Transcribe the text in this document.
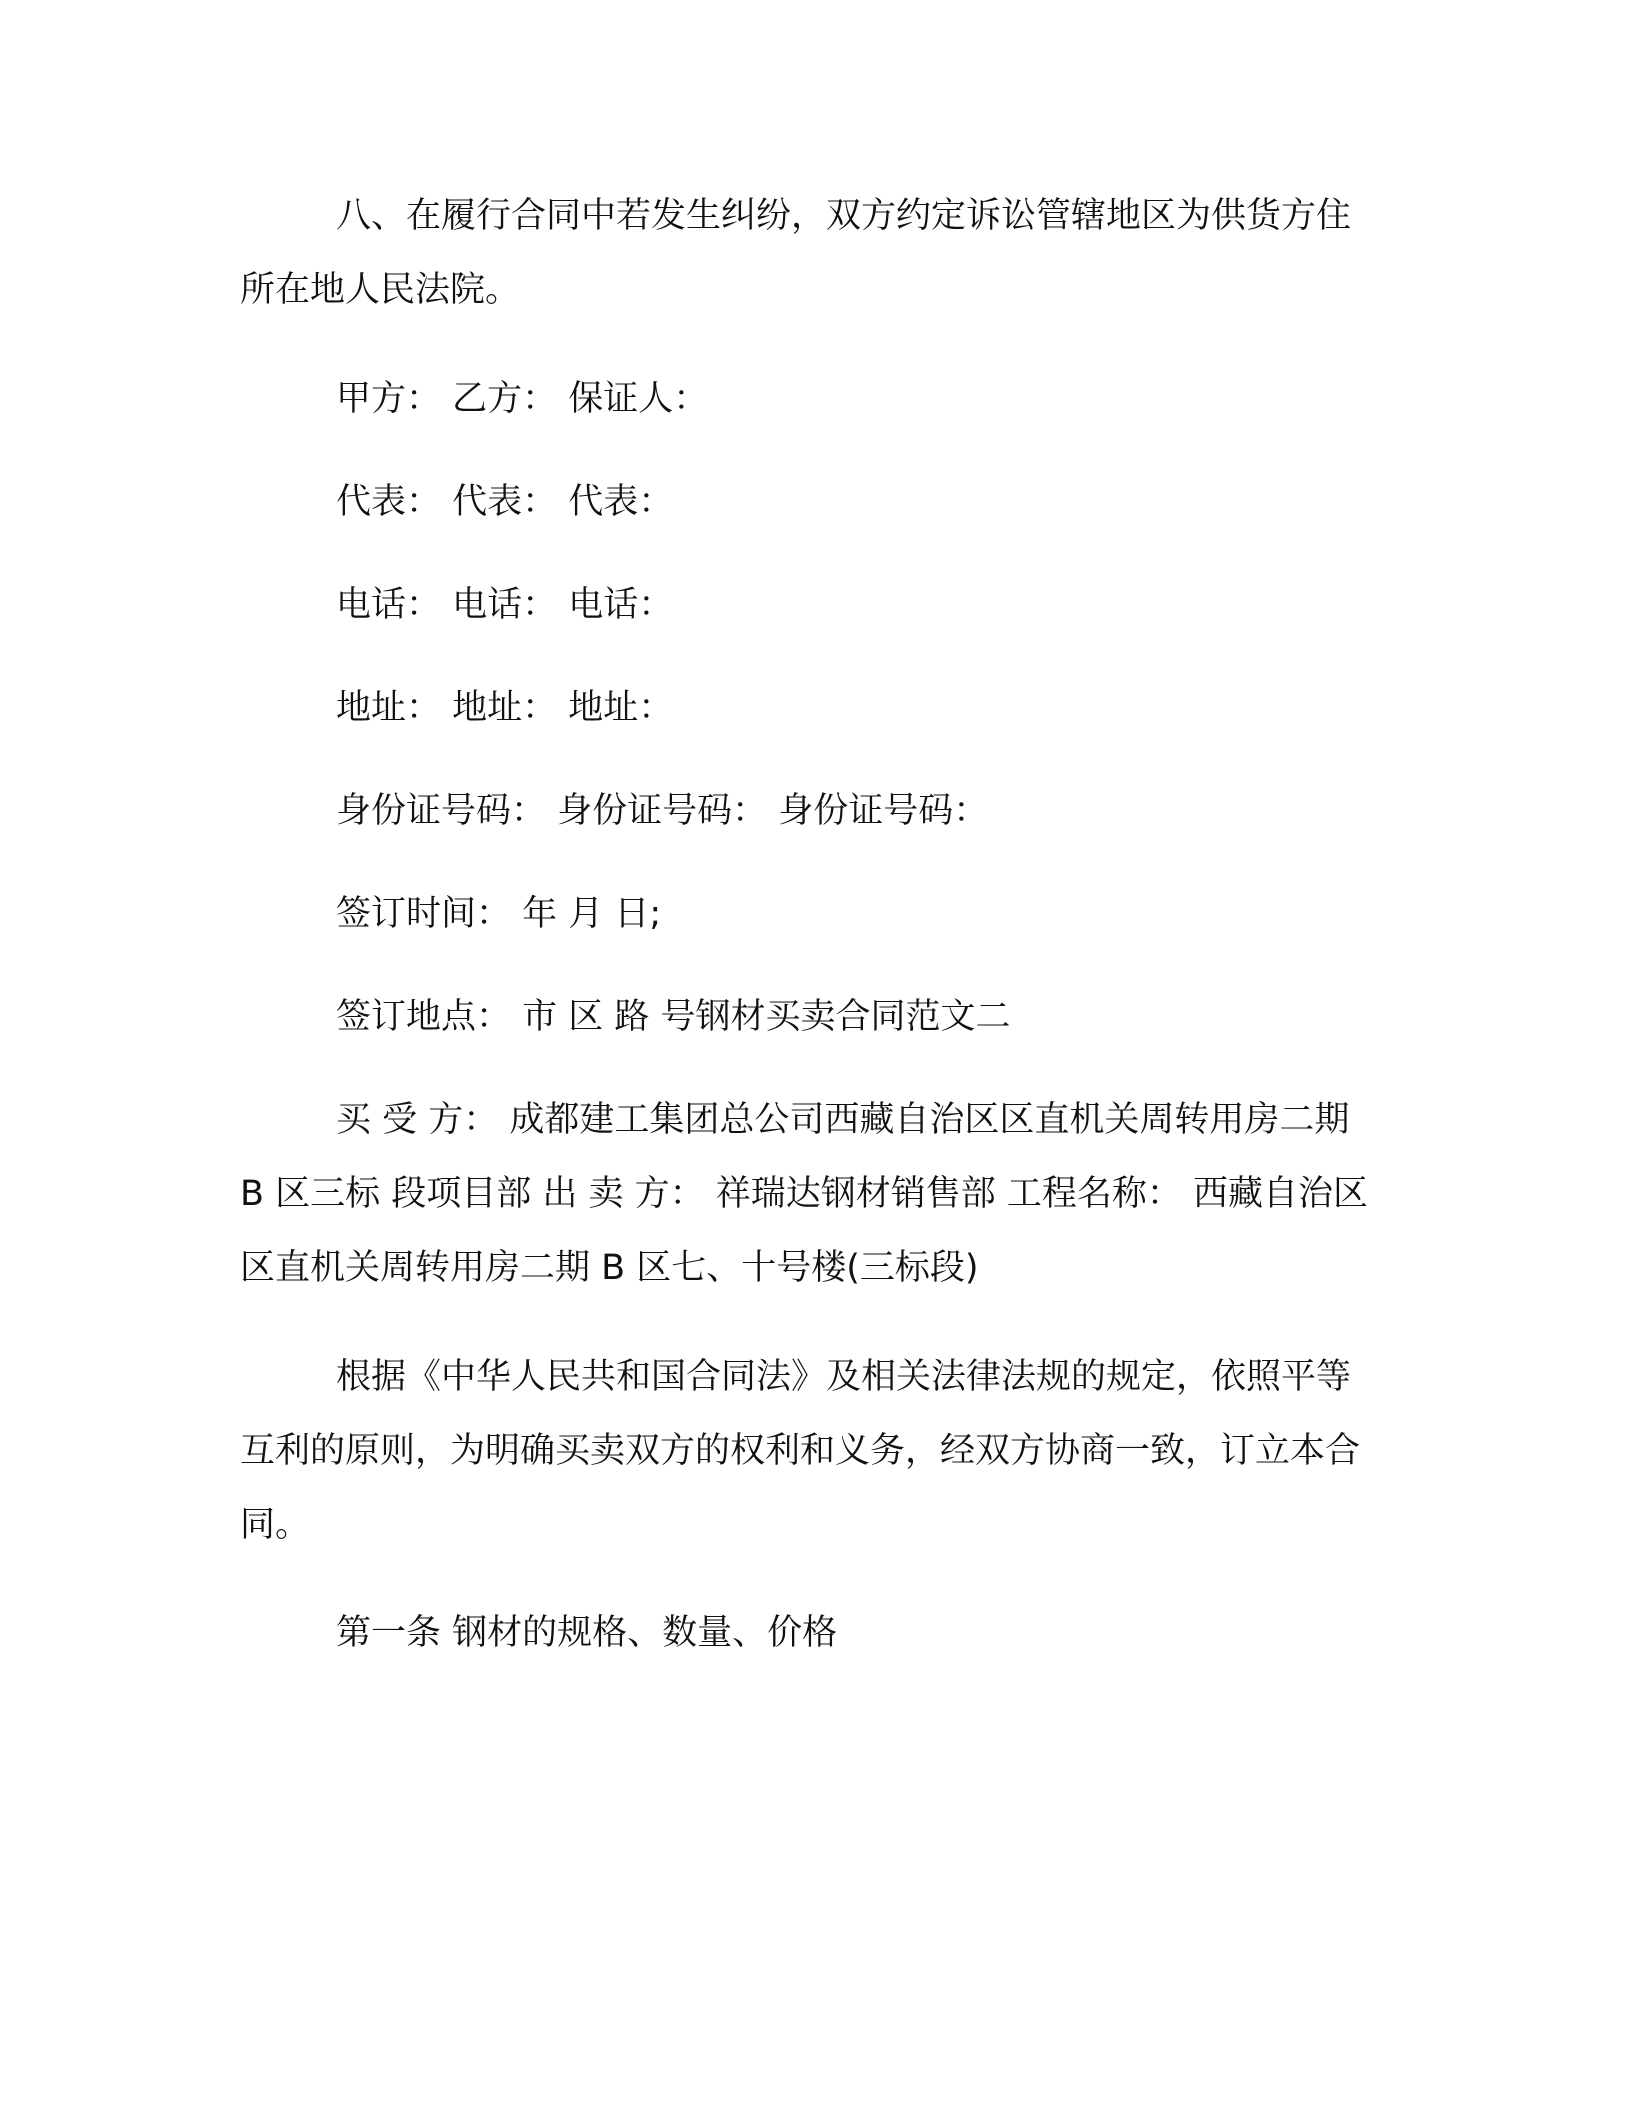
八、在履行合同中若发生纠纷，双方约定诉讼管辖地区为供货方住所在地人民法院。

甲方： 乙方： 保证人：

代表： 代表： 代表：

电话： 电话： 电话：

地址： 地址： 地址：

身份证号码： 身份证号码： 身份证号码：

签订时间： 年 月 日;

签订地点： 市 区 路 号钢材买卖合同范文二

买 受 方： 成都建工集团总公司西藏自治区区直机关周转用房二期 B 区三标 段项目部 出 卖 方： 祥瑞达钢材销售部 工程名称： 西藏自治区区直机关周转用房二期 B 区七、十号楼(三标段)

根据《中华人民共和国合同法》及相关法律法规的规定，依照平等互利的原则，为明确买卖双方的权利和义务，经双方协商一致，订立本合同。

第一条 钢材的规格、数量、价格
